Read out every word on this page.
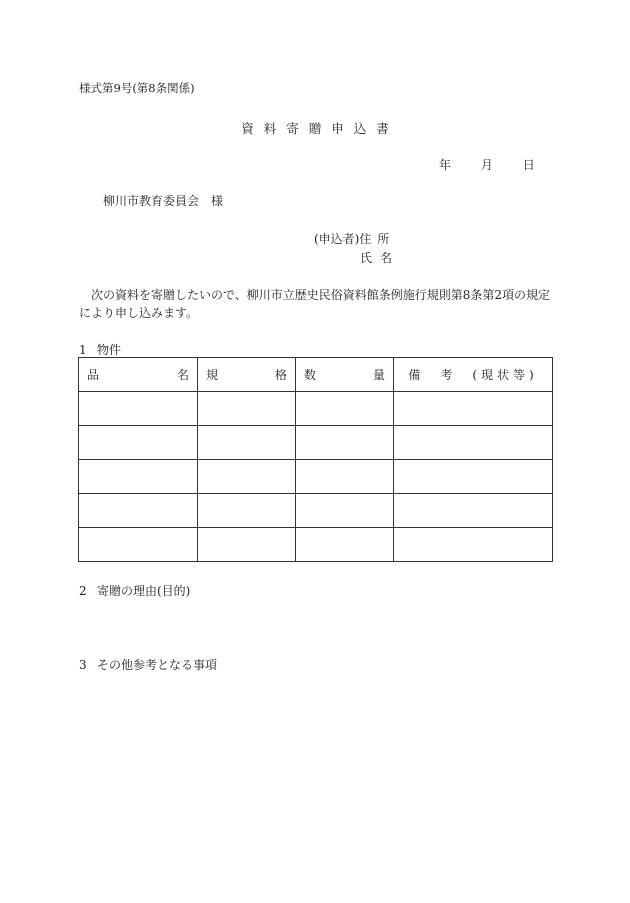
様式第9号(第8条関係)
資料寄贈申込書
年 月 日
柳川市教育委員会 様
(申込者)住所
氏名
次の資料を寄贈したいので、柳川市立歴史民俗資料館条例施行規則第8条第2項の規定により申し込みます。
1 物件
品 名	規 格	数 量	備　考　(現状等)

2 寄贈の理由(目的)
3 その他参考となる事項
